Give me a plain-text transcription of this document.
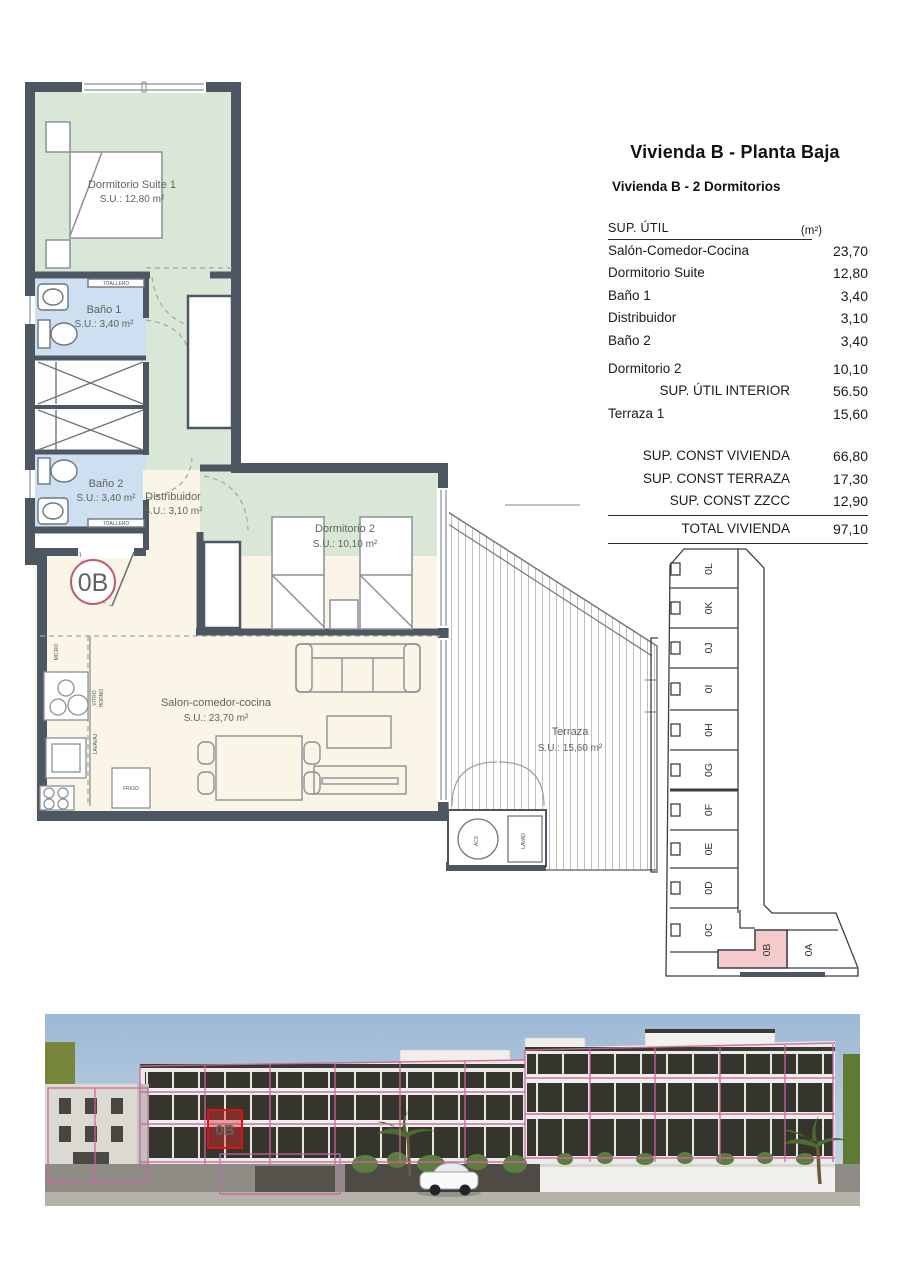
TOALLERO
TOALLERO
MICRO
VITRO HORNO
LAVAVAJ
FRIGO
ACS	LAVAD
0B
Dormitorio Suite 1
S.U.: 12,80 m²
Baño 1
S.U.: 3,40 m²
Baño 2
S.U.: 3,40 m² Distribuidor
S.U.: 3,10 m²
Dormitorio 2
S.U.: 10,10 m²
Salon-comedor-cocina
S.U.: 23,70 m²
Terraza
S.U.: 15,60 m²
0L
0K
0J
0I
0H
0G
0F
0E
0D
0C
0B	0A
Vivienda B - Planta Baja
Vivienda B - 2 Dormitorios
SUP. ÚTIL	(m²)
Salón-Comedor-Cocina	23,70
Dormitorio Suite	12,80
Baño 1	3,40
Distribuidor	3,10
Baño 2	3,40
Dormitorio 2	10,10
SUP. ÚTIL INTERIOR	56.50
Terraza 1	15,60
SUP. CONST VIVIENDA	66,80
SUP. CONST TERRAZA	17,30
SUP. CONST ZZCC	12,90
TOTAL VIVIENDA	97,10
0B
